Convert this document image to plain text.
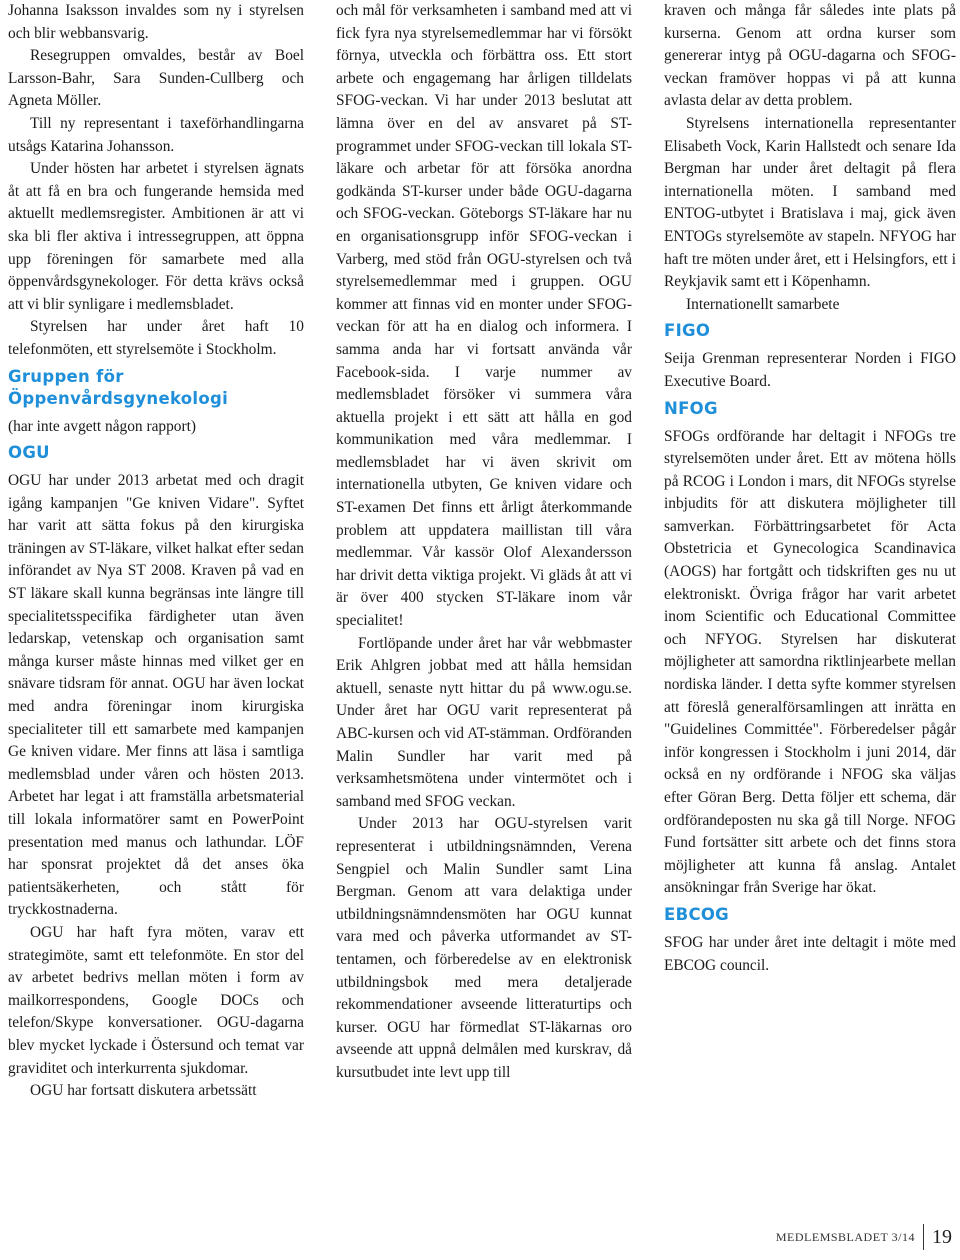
Johanna Isaksson invaldes som ny i styrelsen och blir webbansvarig.

Resegruppen omvaldes, består av Boel Larsson-Bahr, Sara Sunden-Cullberg och Agneta Möller.

Till ny representant i taxeförhandlingarna utsågs Katarina Johansson.

Under hösten har arbetet i styrelsen ägnats åt att få en bra och fungerande hemsida med aktuellt medlemsregister. Ambitionen är att vi ska bli fler aktiva i intressegruppen, att öppna upp föreningen för samarbete med alla öppenvårdsgynekologer. För detta krävs också att vi blir synligare i medlemsbladet.

Styrelsen har under året haft 10 telefonmöten, ett styrelsemöte i Stockholm.

Gruppen för Öppenvårdsgynekologi

(har inte avgett någon rapport)

OGU

OGU har under 2013 arbetat med och dragit igång kampanjen "Ge kniven Vidare". Syftet har varit att sätta fokus på den kirurgiska träningen av ST-läkare, vilket halkat efter sedan införandet av Nya ST 2008. Kraven på vad en ST läkare skall kunna begränsas inte längre till specialitetsspecifika färdigheter utan även ledarskap, vetenskap och organisation samt många kurser måste hinnas med vilket ger en snävare tidsram för annat. OGU har även lockat med andra föreningar inom kirurgiska specialiteter till ett samarbete med kampanjen Ge kniven vidare. Mer finns att läsa i samtliga medlemsblad under våren och hösten 2013. Arbetet har legat i att framställa arbetsmaterial till lokala informatörer samt en PowerPoint presentation med manus och lathundar. LÖF har sponsrat projektet då det anses öka patientsäkerheten, och stått för tryckkostnaderna.

OGU har haft fyra möten, varav ett strategimöte, samt ett telefonmöte. En stor del av arbetet bedrivs mellan möten i form av mailkorrespondens, Google DOCs och telefon/Skype konversationer. OGU-dagarna blev mycket lyckade i Östersund och temat var graviditet och interkurrenta sjukdomar.

OGU har fortsatt diskutera arbetssätt

och mål för verksamheten i samband med att vi fick fyra nya styrelsemedlemmar har vi försökt förnya, utveckla och förbättra oss. Ett stort arbete och engagemang har årligen tilldelats SFOG-veckan. Vi har under 2013 beslutat att lämna över en del av ansvaret på ST-programmet under SFOG-veckan till lokala ST-läkare och arbetar för att försöka anordna godkända ST-kurser under både OGU-dagarna och SFOG-veckan. Göteborgs ST-läkare har nu en organisationsgrupp inför SFOG-veckan i Varberg, med stöd från OGU-styrelsen och två styrelsemedlemmar med i gruppen. OGU kommer att finnas vid en monter under SFOG-veckan för att ha en dialog och informera. I samma anda har vi fortsatt använda vår Facebook-sida. I varje nummer av medlemsbladet försöker vi summera våra aktuella projekt i ett sätt att hålla en god kommunikation med våra medlemmar. I medlemsbladet har vi även skrivit om internationella utbyten, Ge kniven vidare och ST-examen Det finns ett årligt återkommande problem att uppdatera maillistan till våra medlemmar. Vår kassör Olof Alexandersson har drivit detta viktiga projekt. Vi gläds åt att vi är över 400 stycken ST-läkare inom vår specialitet!

Fortlöpande under året har vår webbmaster Erik Ahlgren jobbat med att hålla hemsidan aktuell, senaste nytt hittar du på www.ogu.se. Under året har OGU varit representerat på ABC-kursen och vid AT-stämman. Ordföranden Malin Sundler har varit med på verksamhetsmötena under vintermötet och i samband med SFOG veckan.

Under 2013 har OGU-styrelsen varit representerat i utbildningsnämnden, Verena Sengpiel och Malin Sundler samt Lina Bergman. Genom att vara delaktiga under utbildningsnämndensmöten har OGU kunnat vara med och påverka utformandet av ST-tentamen, och förberedelse av en elektronisk utbildningsbok med mera detaljerade rekommendationer avseende litteraturtips och kurser. OGU har förmedlat ST-läkarnas oro avseende att uppnå delmålen med kurskrav, då kursutbudet inte levt upp till

kraven och många får således inte plats på kurserna. Genom att ordna kurser som genererar intyg på OGU-dagarna och SFOG-veckan framöver hoppas vi på att kunna avlasta delar av detta problem.

Styrelsens internationella representanter Elisabeth Vock, Karin Hallstedt och senare Ida Bergman har under året deltagit på flera internationella möten. I samband med ENTOG-utbytet i Bratislava i maj, gick även ENTOGs styrelsemöte av stapeln. NFYOG har haft tre möten under året, ett i Helsingfors, ett i Reykjavik samt ett i Köpenhamn.

Internationellt samarbete

FIGO

Seija Grenman representerar Norden i FIGO Executive Board.

NFOG

SFOGs ordförande har deltagit i NFOGs tre styrelsemöten under året. Ett av mötena hölls på RCOG i London i mars, dit NFOGs styrelse inbjudits för att diskutera möjligheter till samverkan. Förbättringsarbetet för Acta Obstetricia et Gynecologica Scandinavica (AOGS) har fortgått och tidskriften ges nu ut elektroniskt. Övriga frågor har varit arbetet inom Scientific och Educational Committee och NFYOG. Styrelsen har diskuterat möjligheter att samordna riktlinjearbete mellan nordiska länder. I detta syfte kommer styrelsen att föreslå generalförsamlingen att inrätta en "Guidelines Committée". Förberedelser pågår inför kongressen i Stockholm i juni 2014, där också en ny ordförande i NFOG ska väljas efter Göran Berg. Detta följer ett schema, där ordförandeposten nu ska gå till Norge. NFOG Fund fortsätter sitt arbete och det finns stora möjligheter att kunna få anslag. Antalet ansökningar från Sverige har ökat.

EBCOG

SFOG har under året inte deltagit i möte med EBCOG council.

MEDLEMSBLADET 3/14 19
